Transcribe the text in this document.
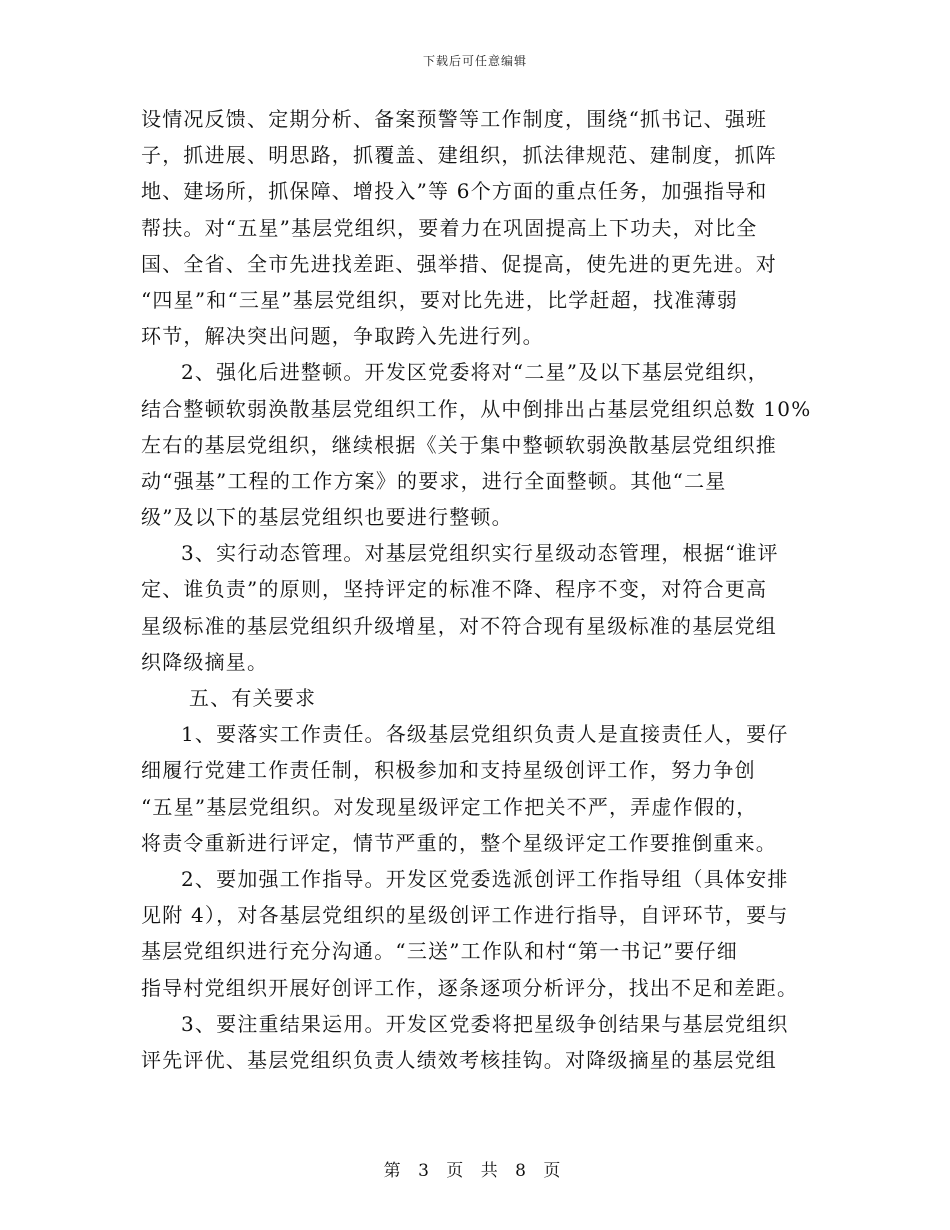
下载后可任意编辑
设情况反馈、定期分析、备案预警等工作制度，围绕“抓书记、强班
子，抓进展、明思路，抓覆盖、建组织，抓法律规范、建制度，抓阵
地、建场所，抓保障、增投入”等 6个方面的重点任务，加强指导和
帮扶。对“五星”基层党组织，要着力在巩固提高上下功夫，对比全
国、全省、全市先进找差距、强举措、促提高，使先进的更先进。对
“四星”和“三星”基层党组织，要对比先进，比学赶超，找准薄弱
环节，解决突出问题，争取跨入先进行列。
2、强化后进整顿。开发区党委将对“二星”及以下基层党组织，
结合整顿软弱涣散基层党组织工作，从中倒排出占基层党组织总数 10%
左右的基层党组织，继续根据《关于集中整顿软弱涣散基层党组织推
动“强基”工程的工作方案》的要求，进行全面整顿。其他“二星
级”及以下的基层党组织也要进行整顿。
3、实行动态管理。对基层党组织实行星级动态管理，根据“谁评
定、谁负责”的原则，坚持评定的标准不降、程序不变，对符合更高
星级标准的基层党组织升级增星，对不符合现有星级标准的基层党组
织降级摘星。
五、有关要求
1、要落实工作责任。各级基层党组织负责人是直接责任人，要仔
细履行党建工作责任制，积极参加和支持星级创评工作，努力争创
“五星”基层党组织。对发现星级评定工作把关不严，弄虚作假的，
将责令重新进行评定，情节严重的，整个星级评定工作要推倒重来。
2、要加强工作指导。开发区党委选派创评工作指导组（具体安排
见附 4），对各基层党组织的星级创评工作进行指导，自评环节，要与
基层党组织进行充分沟通。“三送”工作队和村“第一书记”要仔细
指导村党组织开展好创评工作，逐条逐项分析评分，找出不足和差距。
3、要注重结果运用。开发区党委将把星级争创结果与基层党组织
评先评优、基层党组织负责人绩效考核挂钩。对降级摘星的基层党组
第 3 页 共 8 页
